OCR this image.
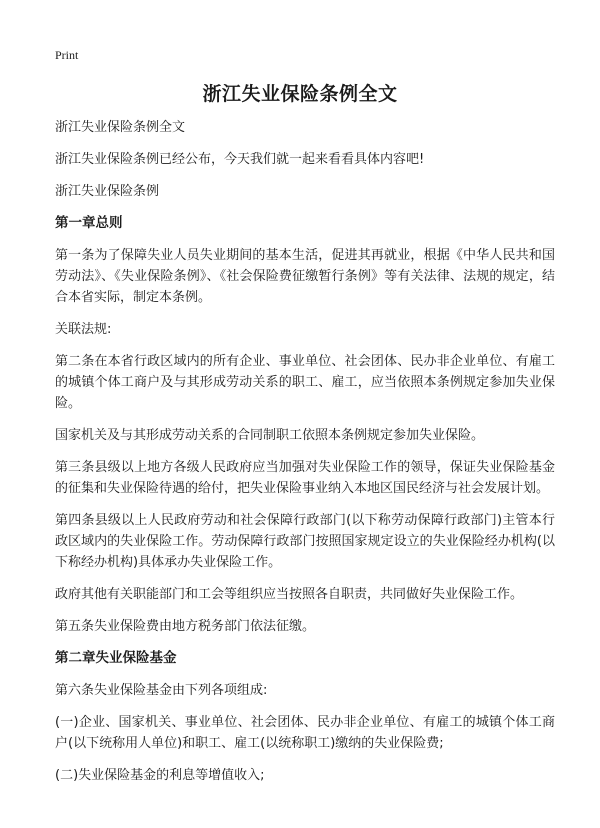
Print
浙江失业保险条例全文

浙江失业保险条例全文

浙江失业保险条例已经公布，今天我们就一起来看看具体内容吧!

浙江失业保险条例

第一章总则

第一条为了保障失业人员失业期间的基本生活，促进其再就业，根据《中华人民共和国劳动法》、《失业保险条例》、《社会保险费征缴暂行条例》等有关法律、法规的规定，结合本省实际，制定本条例。

关联法规:

第二条在本省行政区域内的所有企业、事业单位、社会团体、民办非企业单位、有雇工的城镇个体工商户及与其形成劳动关系的职工、雇工，应当依照本条例规定参加失业保险。

国家机关及与其形成劳动关系的合同制职工依照本条例规定参加失业保险。

第三条县级以上地方各级人民政府应当加强对失业保险工作的领导，保证失业保险基金的征集和失业保险待遇的给付，把失业保险事业纳入本地区国民经济与社会发展计划。

第四条县级以上人民政府劳动和社会保障行政部门(以下称劳动保障行政部门)主管本行政区域内的失业保险工作。劳动保障行政部门按照国家规定设立的失业保险经办机构(以下称经办机构)具体承办失业保险工作。

政府其他有关职能部门和工会等组织应当按照各自职责，共同做好失业保险工作。

第五条失业保险费由地方税务部门依法征缴。

第二章失业保险基金

第六条失业保险基金由下列各项组成:

(一)企业、国家机关、事业单位、社会团体、民办非企业单位、有雇工的城镇个体工商户(以下统称用人单位)和职工、雇工(以统称职工)缴纳的失业保险费;

(二)失业保险基金的利息等增值收入;
